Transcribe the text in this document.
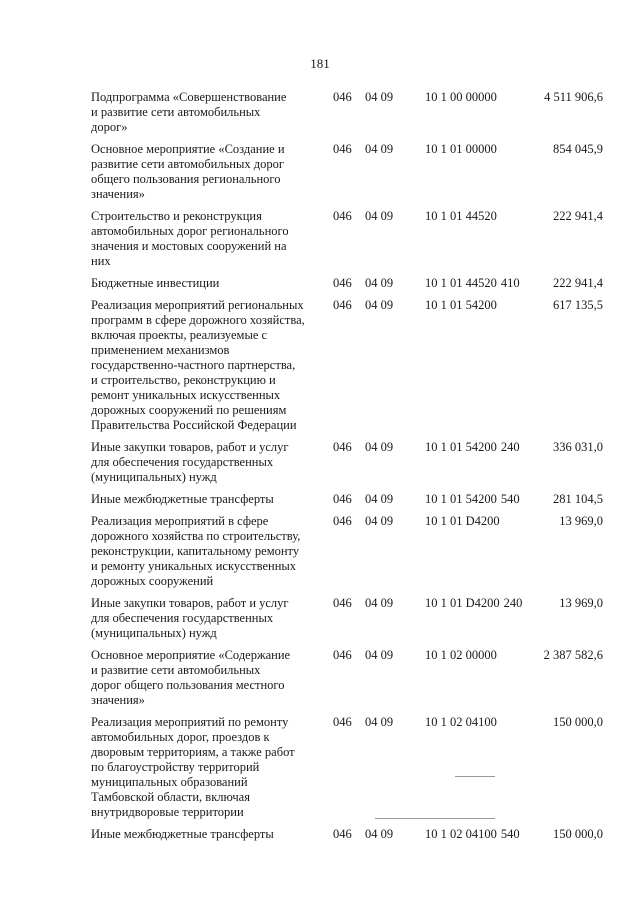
181
Подпрограмма «Совершенствование
и развитие сети автомобильных
дорог»
046	04 09	10 1 00 00000	4 511 906,6
Основное мероприятие «Создание и
развитие сети автомобильных дорог
общего пользования регионального
значения»
046	04 09	10 1 01 00000	854 045,9
Строительство и реконструкция
автомобильных дорог регионального
значения и мостовых сооружений на
них
046	04 09	10 1 01 44520	222 941,4
Бюджетные инвестиции	046	04 09	10 1 01 44520 410	222 941,4
Реализация мероприятий региональных
программ в сфере дорожного хозяйства,
включая проекты, реализуемые с
применением механизмов
государственно-частного партнерства,
и строительство, реконструкцию и
ремонт уникальных искусственных
дорожных сооружений по решениям
Правительства Российской Федерации
046	04 09	10 1 01 54200	617 135,5
Иные закупки товаров, работ и услуг
для обеспечения государственных
(муниципальных) нужд
046	04 09	10 1 01 54200 240	336 031,0
Иные межбюджетные трансферты	046	04 09	10 1 01 54200 540	281 104,5
Реализация мероприятий в сфере
дорожного хозяйства по строительству,
реконструкции, капитальному ремонту
и ремонту уникальных искусственных
дорожных сооружений
046	04 09	10 1 01 D4200	13 969,0
Иные закупки товаров, работ и услуг
для обеспечения государственных
(муниципальных) нужд
046	04 09	10 1 01 D4200 240	13 969,0
Основное мероприятие «Содержание
и развитие сети автомобильных
дорог общего пользования местного
значения»
046	04 09	10 1 02 00000	2 387 582,6
Реализация мероприятий по ремонту
автомобильных дорог, проездов к
дворовым территориям, а также работ
по благоустройству территорий
муниципальных образований
Тамбовской области, включая
внутридворовые территории
046	04 09	10 1 02 04100	150 000,0
Иные межбюджетные трансферты	046	04 09	10 1 02 04100 540	150 000,0
